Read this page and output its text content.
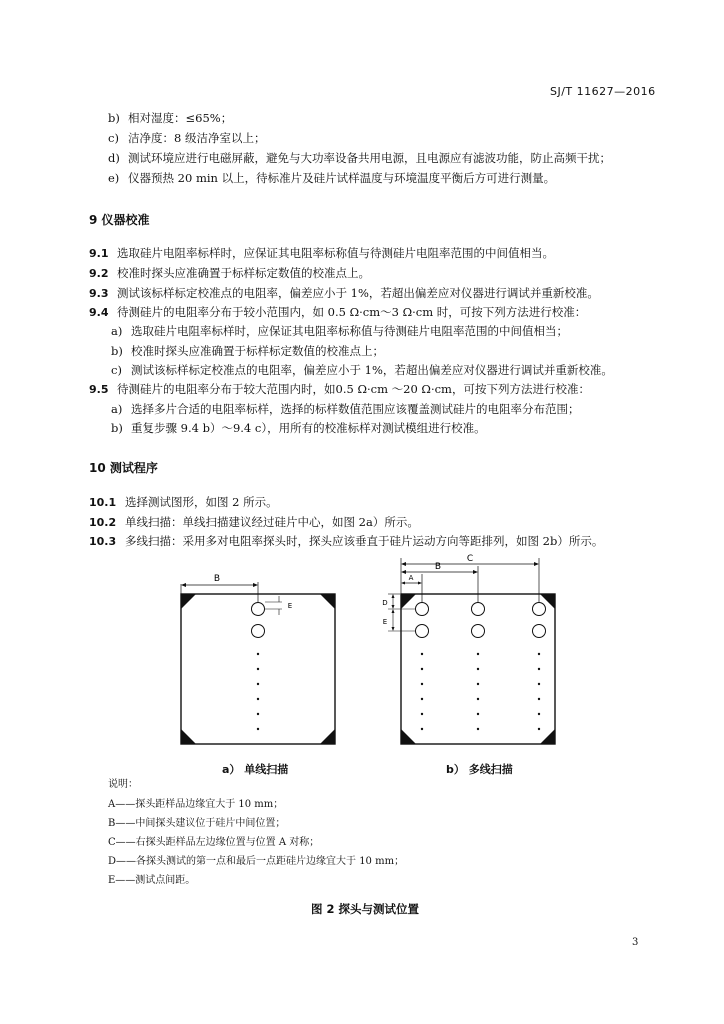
SJ/T 11627—2016
b) 相对湿度：≤65%；
c) 洁净度：8 级洁净室以上；
d) 测试环境应进行电磁屏蔽，避免与大功率设备共用电源，且电源应有滤波功能，防止高频干扰；
e) 仪器预热 20 min 以上，待标准片及硅片试样温度与环境温度平衡后方可进行测量。
9 仪器校准
9.1 选取硅片电阻率标样时，应保证其电阻率标称值与待测硅片电阻率范围的中间值相当。
9.2 校准时探头应准确置于标样标定数值的校准点上。
9.3 测试该标样标定校准点的电阻率，偏差应小于 1%，若超出偏差应对仪器进行调试并重新校准。
9.4 待测硅片的电阻率分布于较小范围内，如 0.5 Ω·cm～3 Ω·cm 时，可按下列方法进行校准：
a) 选取硅片电阻率标样时，应保证其电阻率标称值与待测硅片电阻率范围的中间值相当；
b) 校准时探头应准确置于标样标定数值的校准点上；
c) 测试该标样标定校准点的电阻率，偏差应小于 1%，若超出偏差应对仪器进行调试并重新校准。
9.5 待测硅片的电阻率分布于较大范围内时，如0.5 Ω·cm ～20 Ω·cm，可按下列方法进行校准：
a) 选择多片合适的电阻率标样，选择的标样数值范围应该覆盖测试硅片的电阻率分布范围；
b) 重复步骤 9.4 b）～9.4 c），用所有的校准标样对测试模组进行校准。
10 测试程序
10.1 选择测试图形，如图 2 所示。
10.2 单线扫描：单线扫描建议经过硅片中心，如图 2a）所示。
10.3 多线扫描：采用多对电阻率探头时，探头应该垂直于硅片运动方向等距排列，如图 2b）所示。
B
E
C
B
A
D
E
a） 单线扫描	b） 多线扫描
说明：
A——探头距样品边缘宜大于 10 mm；
B——中间探头建议位于硅片中间位置；
C——右探头距样品左边缘位置与位置 A 对称；
D——各探头测试的第一点和最后一点距硅片边缘宜大于 10 mm；
E——测试点间距。
图 2 探头与测试位置
3
